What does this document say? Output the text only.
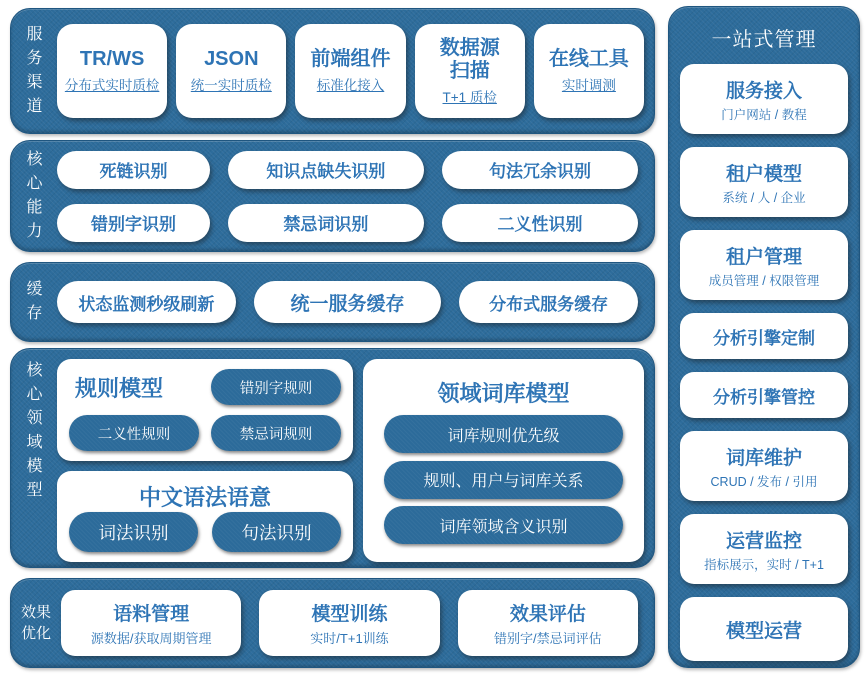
服务渠道
TR/WS
分布式实时质检
JSON
统一实时质检
前端组件
标准化接入
数据源扫描
T+1 质检
在线工具
实时调测
核心能力
死链识别	知识点缺失识别	句法冗余识别
错别字识别	禁忌词识别	二义性识别
缓存	状态监测秒级刷新	统一服务缓存	分布式服务缓存
核心领域模型
规则模型	错别字规则
二义性规则	禁忌词规则
中文语法语意
词法识别	句法识别
领域词库模型
词库规则优先级
规则、用户与词库关系
词库领域含义识别
效果优化
语料管理
源数据/获取周期管理
模型训练
实时/T+1训练
效果评估
错别字/禁忌词评估
一站式管理
服务接入
门户网站 / 教程
租户模型
系统 / 人 / 企业
租户管理
成员管理 / 权限管理
分析引擎定制
分析引擎管控
词库维护
CRUD / 发布 / 引用
运营监控
指标展示，实时 / T+1
模型运营
